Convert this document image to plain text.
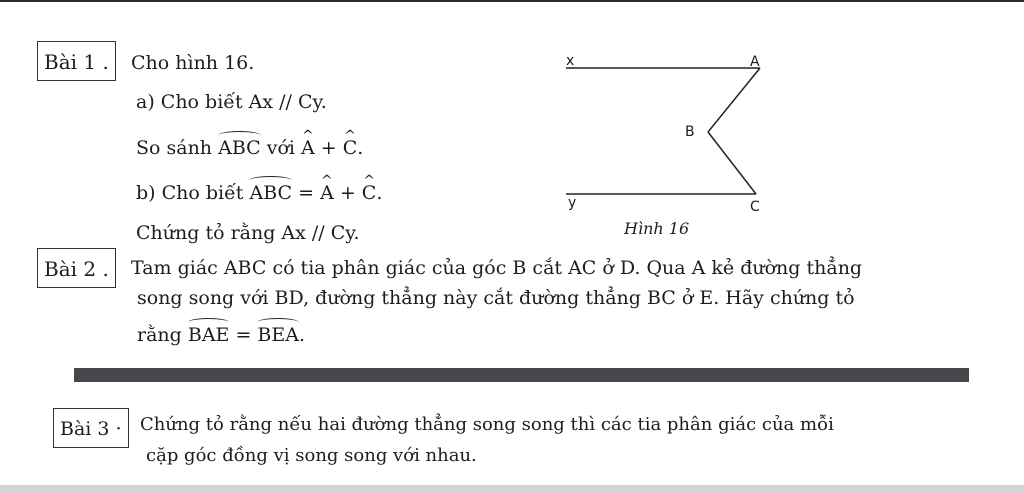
Bài 1 .	Cho hình 16.
a) Cho biết Ax // Cy.
So sánh ABC với ^ A + ^ C.
b) Cho biết ABC = ^ A + ^ C.
Chứng tỏ rằng Ax // Cy.
x	A
B
y	C
Hình 16
Bài 2 .	Tam giác ABC có tia phân giác của góc B cắt AC ở D. Qua A kẻ đường thẳng
song song với BD, đường thẳng này cắt đường thẳng BC ở E. Hãy chứng tỏ
rằng BAE = BEA.
Bài 3 ·	Chứng tỏ rằng nếu hai đường thẳng song song thì các tia phân giác của mỗi
cặp góc đồng vị song song với nhau.
